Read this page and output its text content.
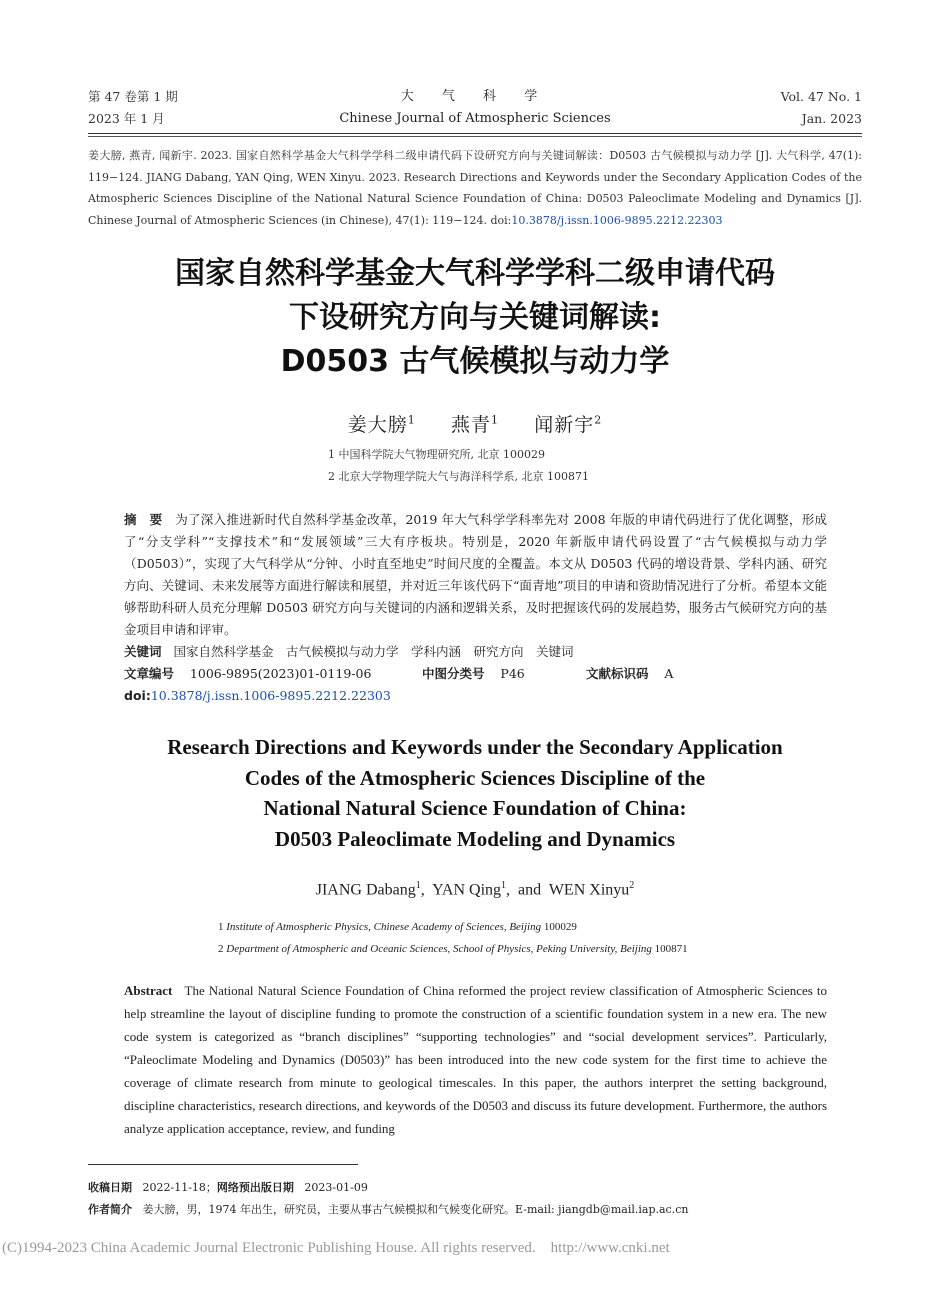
第 47 卷第 1 期
2023 年 1 月
大 气 科 学
Chinese Journal of Atmospheric Sciences
Vol. 47 No. 1
Jan. 2023
姜大膀, 燕青, 闻新宇. 2023. 国家自然科学基金大气科学学科二级申请代码下设研究方向与关键词解读：D0503 古气候模拟与动力学 [J]. 大气科学, 47(1): 119−124. JIANG Dabang, YAN Qing, WEN Xinyu. 2023. Research Directions and Keywords under the Secondary Application Codes of the Atmospheric Sciences Discipline of the National Natural Science Foundation of China: D0503 Paleoclimate Modeling and Dynamics [J]. Chinese Journal of Atmospheric Sciences (in Chinese), 47(1): 119−124. doi:10.3878/j.issn.1006-9895.2212.22303
国家自然科学基金大气科学学科二级申请代码
下设研究方向与关键词解读:
D0503 古气候模拟与动力学
姜大膀$^1$ 燕青$^1$ 闻新宇$^2$
1 中国科学院大气物理研究所, 北京 100029
2 北京大学物理学院大气与海洋科学系, 北京 100871
摘　要 为了深入推进新时代自然科学基金改革，2019 年大气科学学科率先对 2008 年版的申请代码进行了优化调整，形成了“分支学科”“支撑技术”和“发展领域”三大有序板块。特别是，2020 年新版申请代码设置了“古气候模拟与动力学（D0503）”，实现了大气科学从“分钟、小时直至地史”时间尺度的全覆盖。本文从 D0503 代码的增设背景、学科内涵、研究方向、关键词、未来发展等方面进行解读和展望，并对近三年该代码下“面青地”项目的申请和资助情况进行了分析。希望本文能够帮助科研人员充分理解 D0503 研究方向与关键词的内涵和逻辑关系，及时把握该代码的发展趋势，服务古气候研究方向的基金项目申请和评审。
关键词 国家自然科学基金　古气候模拟与动力学　学科内涵　研究方向　关键词
文章编号 1006-9895(2023)01-0119-06	中图分类号 P46	文献标识码 A
doi:10.3878/j.issn.1006-9895.2212.22303
Research Directions and Keywords under the Secondary Application
Codes of the Atmospheric Sciences Discipline of the
National Natural Science Foundation of China:
D0503 Paleoclimate Modeling and Dynamics
JIANG Dabang$^1$,  YAN Qing$^1$,  and  WEN Xinyu$^2$
1 Institute of Atmospheric Physics, Chinese Academy of Sciences, Beijing 100029
2 Department of Atmospheric and Oceanic Sciences, School of Physics, Peking University, Beijing 100871
Abstract The National Natural Science Foundation of China reformed the project review classification of Atmospheric Sciences to help streamline the layout of discipline funding to promote the construction of a scientific foundation system in a new era. The new code system is categorized as “branch disciplines” “supporting technologies” and “social development services”. Particularly, “Paleoclimate Modeling and Dynamics (D0503)” has been introduced into the new code system for the first time to achieve the coverage of climate research from minute to geological timescales. In this paper, the authors interpret the setting background, discipline characteristics, research directions, and keywords of the D0503 and discuss its future development. Furthermore, the authors analyze application acceptance, review, and funding
收稿日期 2022-11-18；网络预出版日期 2023-01-09
作者简介 姜大膀，男，1974 年出生，研究员，主要从事古气候模拟和气候变化研究。E-mail: jiangdb@mail.iap.ac.cn
(C)1994-2023 China Academic Journal Electronic Publishing House. All rights reserved.    http://www.cnki.net
